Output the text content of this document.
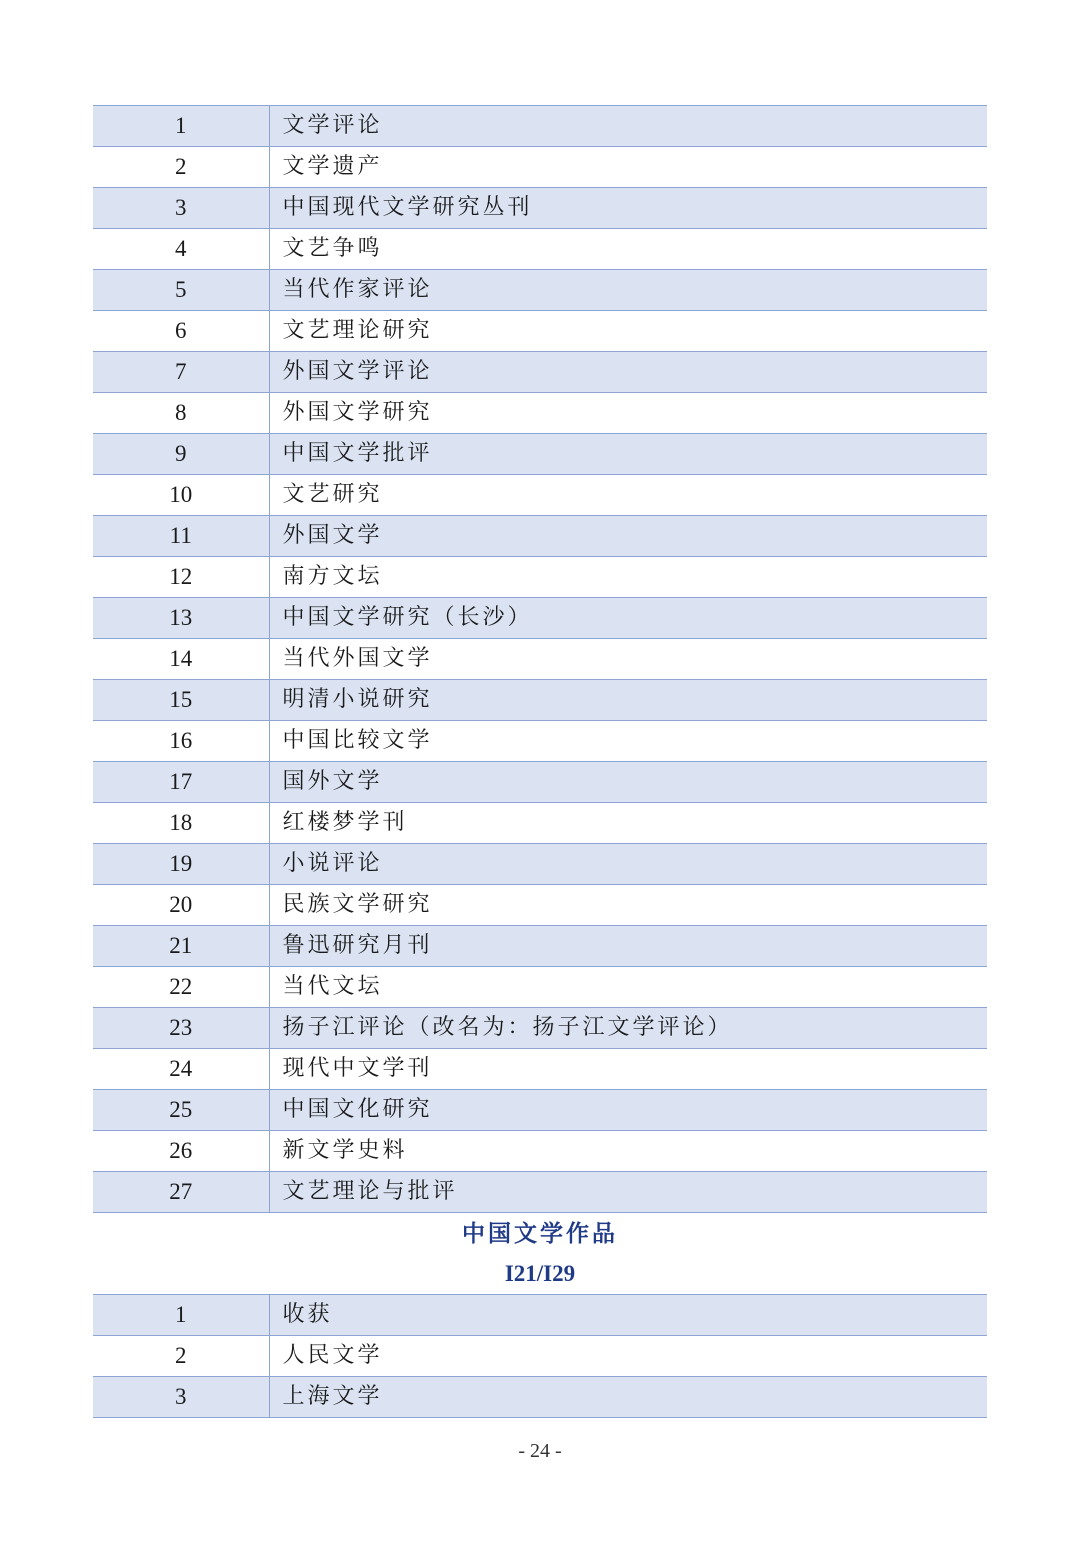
1	文学评论
2	文学遗产
3	中国现代文学研究丛刊
4	文艺争鸣
5	当代作家评论
6	文艺理论研究
7	外国文学评论
8	外国文学研究
9	中国文学批评
10	文艺研究
11	外国文学
12	南方文坛
13	中国文学研究（长沙）
14	当代外国文学
15	明清小说研究
16	中国比较文学
17	国外文学
18	红楼梦学刊
19	小说评论
20	民族文学研究
21	鲁迅研究月刊
22	当代文坛
23	扬子江评论（改名为：扬子江文学评论）
24	现代中文学刊
25	中国文化研究
26	新文学史料
27	文艺理论与批评
中国文学作品
I21/I29
1	收获
2	人民文学
3	上海文学
- 24 -
